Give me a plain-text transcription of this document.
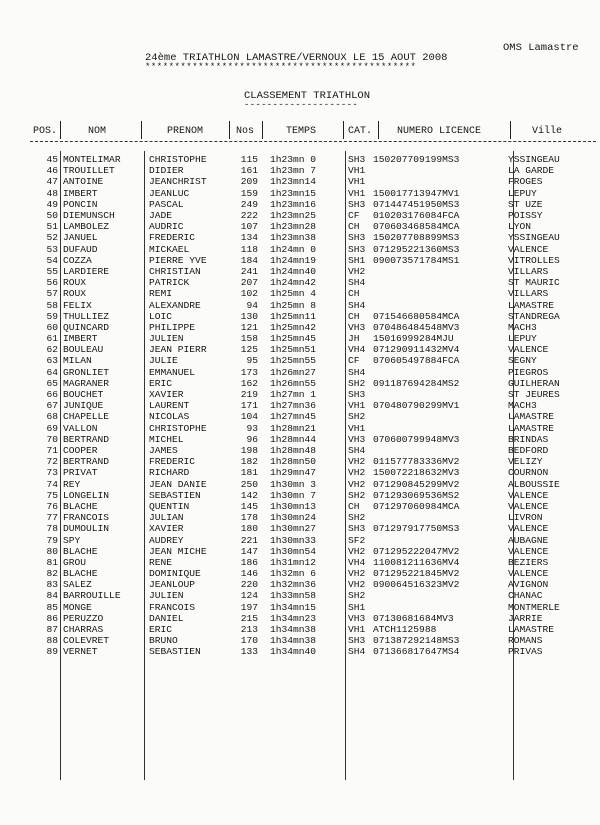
24ème TRIATHLON LAMASTRE/VERNOUX LE 15 AOUT 2008
OMS Lamastre
**********************************************
CLASSEMENT TRIATHLON
--------------------
POS.	NOM	PRENOM	Nos	TEMPS	CAT. NUMERO LICENCE	Ville
45 MONTELIMAR	CHRISTOPHE	115 1h23mn 0	SH3 150207709199MS3	YSSINGEAU
46 TROUILLET	DIDIER	161 1h23mn 7	VH1	LA GARDE
47 ANTOINE	JEANCHRIST	209 1h23mn14	VH1	FROGES
48 IMBERT	JEANLUC	159 1h23mn15	VH1 150017713947MV1	LEPUY
49 PONCIN	PASCAL	249 1h23mn16	SH3 071447451950MS3	ST UZE
50 DIEMUNSCH	JADE	222 1h23mn25	CF 010203176084FCA	POISSY
51 LAMBOLEZ	AUDRIC	107 1h23mn28	CH 070603468584MCA	LYON
52 JANUEL	FREDERIC	134 1h23mn38	SH3 150207708899MS3	YSSINGEAU
53 DUFAUD	MICKAEL	118 1h24mn 0	SH3 071295221360MS3	VALENCE
54 COZZA	PIERRE YVE	184 1h24mn19	SH1 090073571784MS1	VITROLLES
55 LARDIERE	CHRISTIAN	241 1h24mn40	VH2	VILLARS
56 ROUX	PATRICK	207 1h24mn42	SH4	ST MAURIC
57 ROUX	REMI	102 1h25mn 4	CH	VILLARS
58 FELIX	ALEXANDRE	94 1h25mn 8	SH4	LAMASTRE
59 THULLIEZ	LOIC	130 1h25mn11	CH 071546680584MCA	STANDREGA
60 QUINCARD	PHILIPPE	121 1h25mn42	VH3 070486484548MV3	MACH3
61 IMBERT	JULIEN	158 1h25mn45	JH 15016999284MJU	LEPUY
62 BOULEAU	JEAN PIERR	125 1h25mn51	VH4 071290911432MV4	VALENCE
63 MILAN	JULIE	95 1h25mn55	CF 070605497884FCA	SEGNY
64 GRONLIET	EMMANUEL	173 1h26mn27	SH4	PIEGROS
65 MAGRANER	ERIC	162 1h26mn55	SH2 091187694284MS2	GUILHERAN
66 BOUCHET	XAVIER	219 1h27mn 1	SH3	ST JEURES
67 JUNIQUE	LAURENT	171 1h27mn36	VH1 070480790299MV1	MACH3
68 CHAPELLE	NICOLAS	104 1h27mn45	SH2	LAMASTRE
69 VALLON	CHRISTOPHE	93 1h28mn21	VH1	LAMASTRE
70 BERTRAND	MICHEL	96 1h28mn44	VH3 070600799948MV3	BRINDAS
71 COOPER	JAMES	198 1h28mn48	SH4	BEDFORD
72 BERTRAND	FREDERIC	182 1h28mn50	VH2 011577783336MV2	VELIZY
73 PRIVAT	RICHARD	181 1h29mn47	VH2 150072218632MV3	COURNON
74 REY	JEAN DANIE	250 1h30mn 3	VH2 071290845299MV2	ALBOUSSIE
75 LONGELIN	SEBASTIEN	142 1h30mn 7	SH2 071293069536MS2	VALENCE
76 BLACHE	QUENTIN	145 1h30mn13	CH 071297060984MCA	VALENCE
77 FRANCOIS	JULIAN	178 1h30mn24	SH2	LIVRON
78 DUMOULIN	XAVIER	180 1h30mn27	SH3 071297917750MS3	VALENCE
79 SPY	AUDREY	221 1h30mn33	SF2	AUBAGNE
80 BLACHE	JEAN MICHE	147 1h30mn54	VH2 071295222047MV2	VALENCE
81 GROU	RENE	186 1h31mn12	VH4 110081211636MV4	BEZIERS
82 BLACHE	DOMINIQUE	146 1h32mn 6	VH2 071295221845MV2	VALENCE
83 SALEZ	JEANLOUP	220 1h32mn36	VH2 090064516323MV2	AVIGNON
84 BARROUILLE	JULIEN	124 1h33mn58	SH2	CHANAC
85 MONGE	FRANCOIS	197 1h34mn15	SH1	MONTMERLE
86 PERUZZO	DANIEL	215 1h34mn23	VH3 07130681684MV3	JARRIE
87 CHARRAS	ERIC	213 1h34mn38	VH1 ATCH1125988	LAMASTRE
88 COLEVRET	BRUNO	170 1h34mn38	SH3 071387292148MS3	ROMANS
89 VERNET	SEBASTIEN	133 1h34mn40	SH4 071366817647MS4	PRIVAS
